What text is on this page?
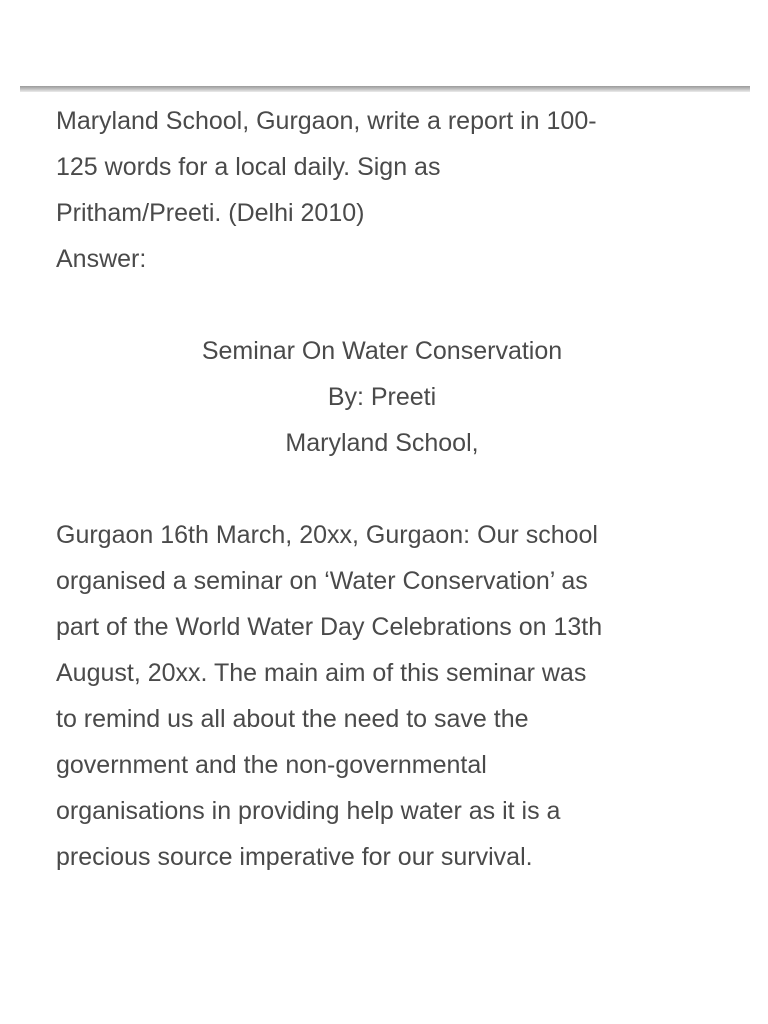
Maryland School, Gurgaon, write a report in 100-

125 words for a local daily. Sign as

Pritham/Preeti. (Delhi 2010)

Answer:

Seminar On Water Conservation
By: Preeti
Maryland School,

Gurgaon 16th March, 20xx, Gurgaon: Our school

organised a seminar on ‘Water Conservation’ as

part of the World Water Day Celebrations on 13th

August, 20xx. The main aim of this seminar was

to remind us all about the need to save the

government and the non-governmental

organisations in providing help water as it is a

precious source imperative for our survival.
